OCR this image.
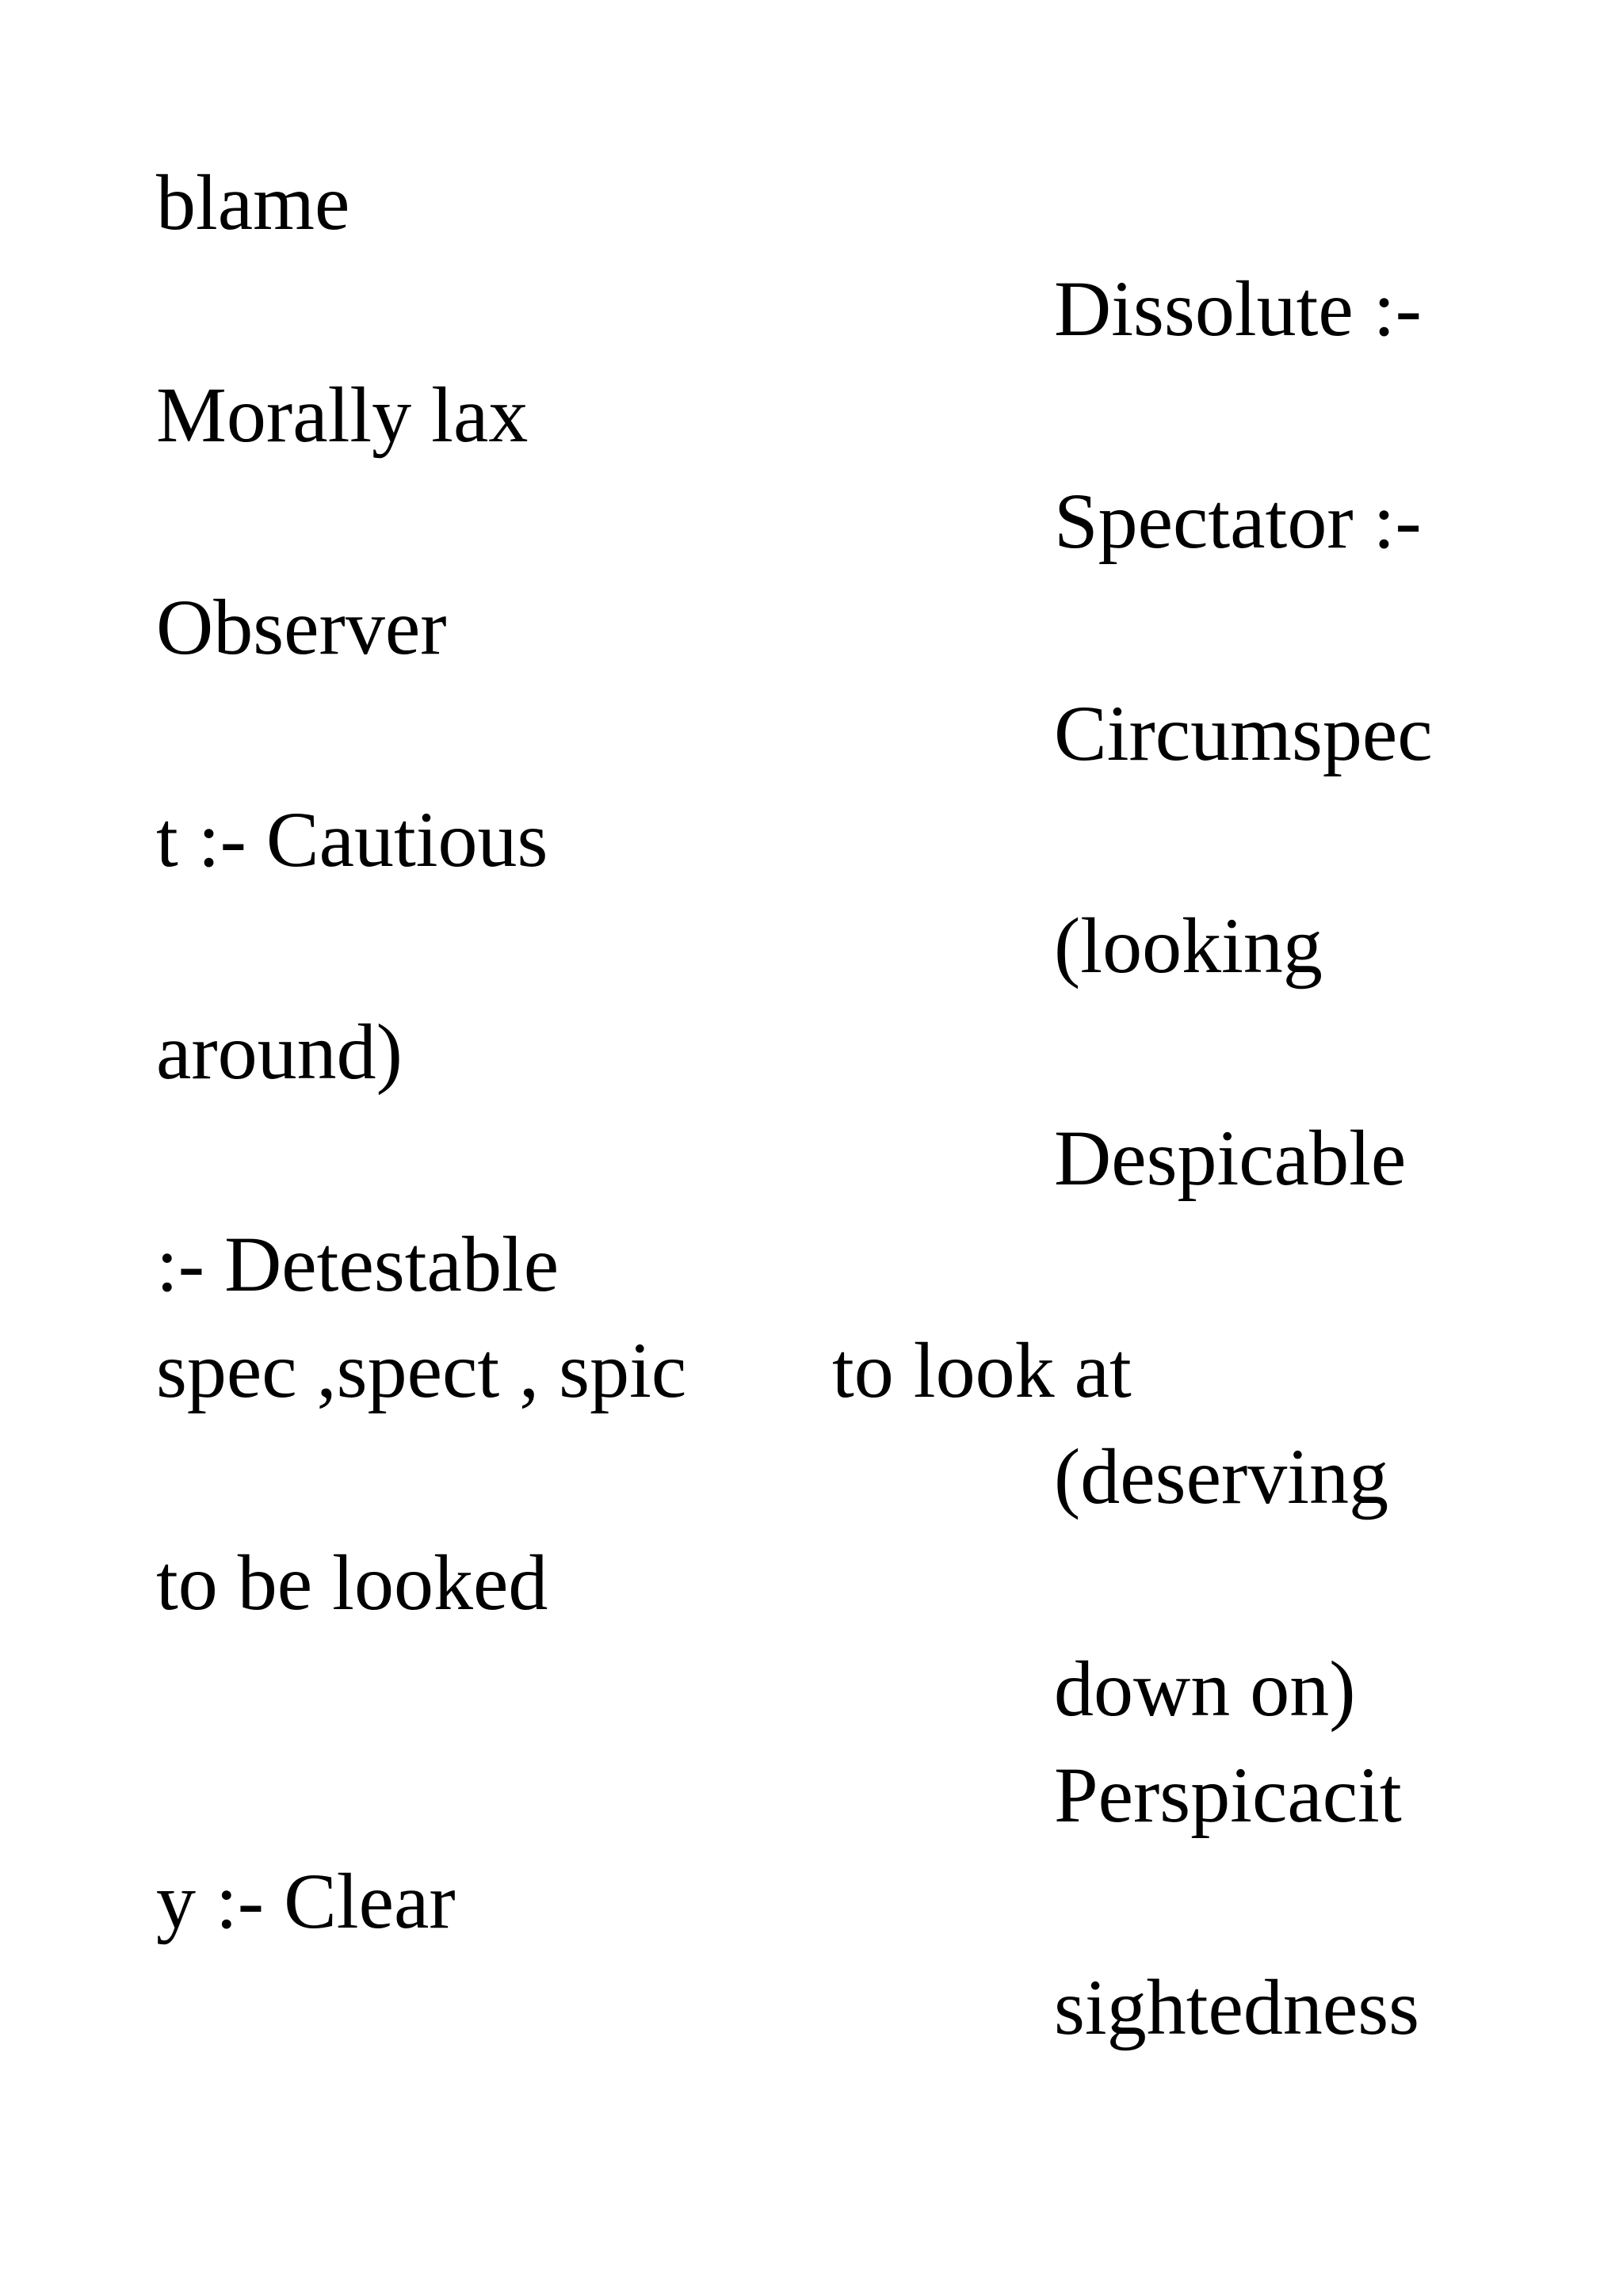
blame
Dissolute :-
Morally lax
Spectator :-
Observer
Circumspec
t :- Cautious
(looking
around)
Despicable
:- Detestable
spec ,spect , spic to look at
(deserving
to be looked
down on)
Perspicacit
y :- Clear
sightedness
